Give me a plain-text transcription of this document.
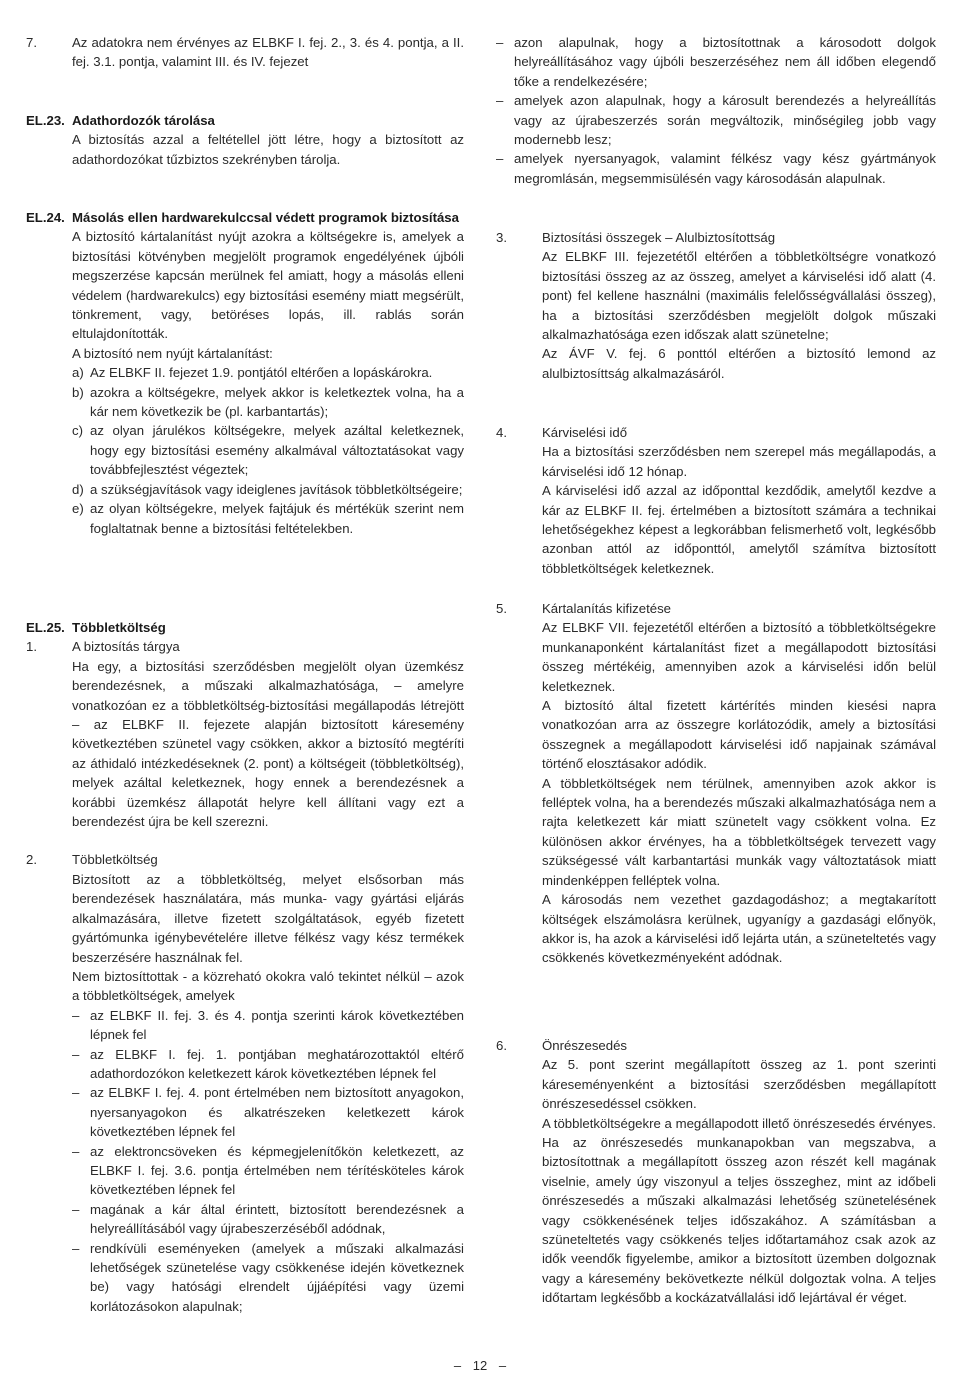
7.	Az adatokra nem érvényes az ELBKF I. fej. 2., 3. és 4. pontja, a II. fej. 3.1. pontja, valamint III. és IV. fejezet

EL.23. Adathordozók tárolása

A biztosítás azzal a feltétellel jött létre, hogy a biztosított az adathordozókat tűzbiztos szekrényben tárolja.

EL.24. Másolás ellen hardwarekulccsal védett programok biztosítása

A biztosító kártalanítást nyújt azokra a költségekre is, amelyek a biztosítási kötvényben megjelölt programok engedélyének újbóli megszerzése kapcsán merülnek fel amiatt, hogy a másolás elleni védelem (hardwarekulcs) egy biztosítási esemény miatt megsérült, tönkrement, vagy, betöréses lopás, ill. rablás során eltulajdonították.

A biztosító nem nyújt kártalanítást:

a) Az ELBKF II. fejezet 1.9. pontjától eltérően a lopáskárokra.
b) azokra a költségekre, melyek akkor is keletkeztek volna, ha a kár nem következik be (pl. karbantartás);
c) az olyan járulékos költségekre, melyek azáltal keletkeznek, hogy egy biztosítási esemény alkalmával változtatásokat vagy továbbfejlesztést végeztek;
d) a szükségjavítások vagy ideiglenes javítások többletköltségeire;
e) az olyan költségekre, melyek fajtájuk és mértékük szerint nem foglaltatnak benne a biztosítási feltételekben.
EL.25. Többletköltség
1.	A biztosítás tárgya

Ha egy, a biztosítási szerződésben megjelölt olyan üzemkész berendezésnek, a műszaki alkalmazhatósága, – amelyre vonatkozóan ez a többletköltség-biztosítási megállapodás létrejött – az ELBKF II. fejezete alapján biztosított káresemény következtében szünetel vagy csökken, akkor a biztosító megtéríti az áthidaló intézkedéseknek (2. pont) a költségeit (többletköltség), melyek azáltal keletkeznek, hogy ennek a berendezésnek a korábbi üzemkész állapotát helyre kell állítani vagy ezt a berendezést újra be kell szerezni.

2.	Többletköltség

Biztosított az a többletköltség, melyet elsősorban más berendezések használatára, más munka- vagy gyártási eljárás alkalmazására, illetve fizetett szolgáltatások, egyéb fizetett gyártómunka igénybevételére illetve félkész vagy kész termékek beszerzésére használnak fel.

Nem biztosíttottak - a közreható okokra való tekintet nélkül – azok a többletköltségek, amelyek

– az ELBKF II. fej. 3. és 4. pontja szerinti károk következtében lépnek fel
– az ELBKF I. fej. 1. pontjában meghatározottaktól eltérő adathordozókon keletkezett károk következtében lépnek fel
– az ELBKF I. fej. 4. pont értelmében nem biztosított anyagokon, nyersanyagokon és alkatrészeken keletkezett károk következtében lépnek fel
– az elektroncsöveken és képmegjelenítőkön keletkezett, az ELBKF I. fej. 3.6. pontja értelmében nem térítésköteles károk következtében lépnek fel
– magának a kár által érintett, biztosított berendezésnek a helyreállításából vagy újrabeszerzéséből adódnak,
– rendkívüli eseményeken (amelyek a műszaki alkalmazási lehetőségek szünetelése vagy csökkenése idején következnek be) vagy hatósági elrendelt újjáépítési vagy üzemi korlátozásokon alapulnak;
– azon alapulnak, hogy a biztosítottnak a károsodott dolgok helyreállításához vagy újbóli beszerzéséhez nem áll időben elegendő tőke a rendelkezésére;
– amelyek azon alapulnak, hogy a károsult berendezés a helyreállítás vagy az újrabeszerzés során megváltozik, minőségileg jobb vagy modernebb lesz;
– amelyek nyersanyagok, valamint félkész vagy kész gyártmányok megromlásán, megsemmisülésén vagy károsodásán alapulnak.
3.	Biztosítási összegek – Alulbiztosítottság

Az ELBKF III. fejezetétől eltérően a többletköltségre vonatkozó biztosítási összeg az az összeg, amelyet a kárviselési idő alatt (4. pont) fel kellene használni (maximális felelősségvállalási összeg), ha a biztosítási szerződésben megjelölt dolgok műszaki alkalmazhatósága ezen időszak alatt szünetelne;

Az ÁVF V. fej. 6 ponttól eltérően a biztosító lemond az alulbiztosíttság alkalmazásáról.

4.	Kárviselési idő

Ha a biztosítási szerződésben nem szerepel más megállapodás, a kárviselési idő 12 hónap.

A kárviselési idő azzal az időponttal kezdődik, amelytől kezdve a kár az ELBKF II. fej. értelmében a biztosított számára a technikai lehetőségekhez képest a legkorábban felismerhető volt, legkésőbb azonban attól az időponttól, amelytől számítva biztosított többletköltségek keletkeznek.

5.	Kártalanítás kifizetése

Az ELBKF VII. fejezetétől eltérően a biztosító a többletköltségekre munkanaponként kártalanítást fizet a megállapodott biztosítási összeg mértékéig, amennyiben azok a kárviselési időn belül keletkeznek.

A biztosító által fizetett kártérítés minden kiesési napra vonatkozóan arra az összegre korlátozódik, amely a biztosítási összegnek a megállapodott kárviselési idő napjainak számával történő elosztásakor adódik.

A többletköltségek nem térülnek, amennyiben azok akkor is felléptek volna, ha a berendezés műszaki alkalmazhatósága nem a rajta keletkezett kár miatt szünetelt vagy csökkent volna. Ez különösen akkor érvényes, ha a többletköltségek tervezett vagy szükségessé vált karbantartási munkák vagy változtatások miatt mindenképpen felléptek volna.

A károsodás nem vezethet gazdagodáshoz; a megtakarított költségek elszámolásra kerülnek, ugyanígy a gazdasági előnyök, akkor is, ha azok a kárviselési idő lejárta után, a szüneteltetés vagy csökkenés következményeként adódnak.

6.	Önrészesedés

Az 5. pont szerint megállapított összeg az 1. pont szerinti káreseményenként a biztosítási szerződésben megállapított önrészesedéssel csökken.

A többletköltségekre a megállapodott illető önrészesedés érvényes. Ha az önrészesedés munkanapokban van megszabva, a biztosítottnak a megállapított összeg azon részét kell magának viselnie, amely úgy viszonyul a teljes összeghez, mint az időbeli önrészesedés a műszaki alkalmazási lehetőség szünetelésének vagy csökkenésének teljes időszakához. A számításban a szüneteltetés vagy csökkenés teljes időtartamához csak azok az idők veendők figyelembe, amikor a biztosított üzemben dolgoznak vagy a káresemény bekövetkezte nélkül dolgoztak volna. A teljes időtartam legkésőbb a kockázatvállalási idő lejártával ér véget.

– 12 –
